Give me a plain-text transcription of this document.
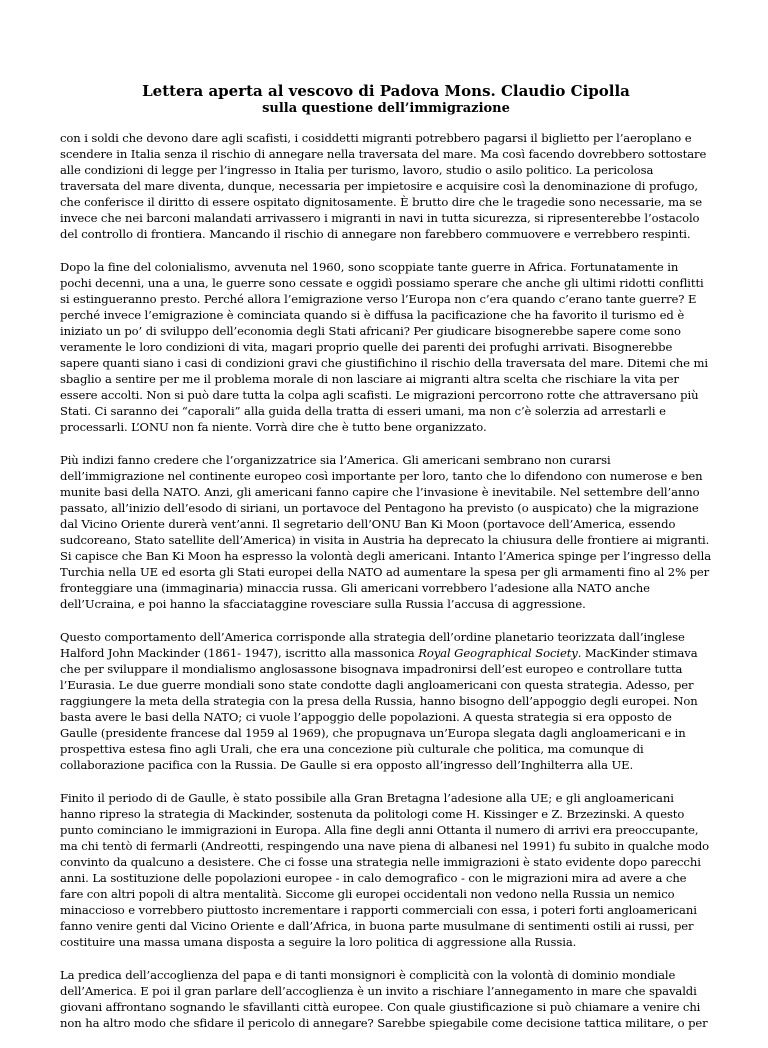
Lettera aperta al vescovo di Padova Mons. Claudio Cipolla
sulla questione dell’immigrazione

con i soldi che devono dare agli scafisti, i cosiddetti migranti potrebbero pagarsi il biglietto per l’aeroplano e scendere in Italia senza il rischio di annegare nella traversata del mare. Ma così facendo dovrebbero sottostare alle condizioni di legge per l’ingresso in Italia per turismo, lavoro, studio o asilo politico. La pericolosa traversata del mare diventa, dunque, necessaria per impietosire e acquisire così la denominazione di profugo, che conferisce il diritto di essere ospitato dignitosamente. È brutto dire che le tragedie sono necessarie, ma se invece che nei barconi malandati arrivassero i migranti in navi in tutta sicurezza, si ripresenterebbe l’ostacolo del controllo di frontiera. Mancando il rischio di annegare non farebbero commuovere e verrebbero respinti.

Dopo la fine del colonialismo, avvenuta nel 1960, sono scoppiate tante guerre in Africa. Fortunatamente in pochi decenni, una a una, le guerre sono cessate e oggidì possiamo sperare che anche gli ultimi ridotti conflitti si estingueranno presto. Perché allora l’emigrazione verso l’Europa non c’era quando c’erano tante guerre? E perché invece l’emigrazione è cominciata quando si è diffusa la pacificazione che ha favorito il turismo ed è iniziato un po’ di sviluppo dell’economia degli Stati africani? Per giudicare bisognerebbe sapere come sono veramente le loro condizioni di vita, magari proprio quelle dei parenti dei profughi arrivati. Bisognerebbe sapere quanti siano i casi di condizioni gravi che giustifichino il rischio della traversata del mare. Ditemi che mi sbaglio a sentire per me il problema morale di non lasciare ai migranti altra scelta che rischiare la vita per essere accolti. Non si può dare tutta la colpa agli scafisti. Le migrazioni percorrono rotte che attraversano più Stati. Ci saranno dei “caporali” alla guida della tratta di esseri umani, ma non c’è solerzia ad arrestarli e processarli. L’ONU non fa niente. Vorrà dire che è tutto bene organizzato.

Più indizi fanno credere che l’organizzatrice sia l’America. Gli americani sembrano non curarsi dell’immigrazione nel continente europeo così importante per loro, tanto che lo difendono con numerose e ben munite basi della NATO. Anzi, gli americani fanno capire che l’invasione è inevitabile. Nel settembre dell’anno passato, all’inizio dell’esodo di siriani, un portavoce del Pentagono ha previsto (o auspicato) che la migrazione dal Vicino Oriente durerà vent’anni. Il segretario dell’ONU Ban Ki Moon (portavoce dell’America, essendo sudcoreano, Stato satellite dell’America) in visita in Austria ha deprecato la chiusura delle frontiere ai migranti. Si capisce che Ban Ki Moon ha espresso la volontà degli americani. Intanto l’America spinge per l’ingresso della Turchia nella UE ed esorta gli Stati europei della NATO ad aumentare la spesa per gli armamenti fino al 2% per fronteggiare una (immaginaria) minaccia russa. Gli americani vorrebbero l’adesione alla NATO anche dell’Ucraina, e poi hanno la sfacciataggine rovesciare sulla Russia l’accusa di aggressione.

Questo comportamento dell’America corrisponde alla strategia dell’ordine planetario teorizzata dall’inglese Halford John Mackinder (1861- 1947), iscritto alla massonica Royal Geographical Society. MacKinder stimava che per sviluppare il mondialismo anglosassone bisognava impadronirsi dell’est europeo e controllare tutta l’Eurasia. Le due guerre mondiali sono state condotte dagli angloamericani con questa strategia. Adesso, per raggiungere la meta della strategia con la presa della Russia, hanno bisogno dell’appoggio degli europei. Non basta avere le basi della NATO; ci vuole l’appoggio delle popolazioni. A questa strategia si era opposto de Gaulle (presidente francese dal 1959 al 1969), che propugnava un’Europa slegata dagli angloamericani e in prospettiva estesa fino agli Urali, che era una concezione più culturale che politica, ma comunque di collaborazione pacifica con la Russia. De Gaulle si era opposto all’ingresso dell’Inghilterra alla UE.

Finito il periodo di de Gaulle, è stato possibile alla Gran Bretagna l’adesione alla UE; e gli angloamericani hanno ripreso la strategia di Mackinder, sostenuta da politologi come H. Kissinger e Z. Brzezinski. A questo punto cominciano le immigrazioni in Europa. Alla fine degli anni Ottanta il numero di arrivi era preoccupante, ma chi tentò di fermarli (Andreotti, respingendo una nave piena di albanesi nel 1991) fu subito in qualche modo convinto da qualcuno a desistere. Che ci fosse una strategia nelle immigrazioni è stato evidente dopo parecchi anni. La sostituzione delle popolazioni europee - in calo demografico - con le migrazioni mira ad avere a che fare con altri popoli di altra mentalità. Siccome gli europei occidentali non vedono nella Russia un nemico minaccioso e vorrebbero piuttosto incrementare i rapporti commerciali con essa, i poteri forti angloamericani fanno venire genti dal Vicino Oriente e dall’Africa, in buona parte musulmane di sentimenti ostili ai russi, per costituire una massa umana disposta a seguire la loro politica di aggressione alla Russia.

La predica dell’accoglienza del papa e di tanti monsignori è complicità con la volontà di dominio mondiale dell’America. E poi il gran parlare dell’accoglienza è un invito a rischiare l’annegamento in mare che spavaldi giovani affrontano sognando le sfavillanti città europee. Con quale giustificazione si può chiamare a venire chi non ha altro modo che sfidare il pericolo di annegare? Sarebbe spiegabile come decisione tattica militare, o per
